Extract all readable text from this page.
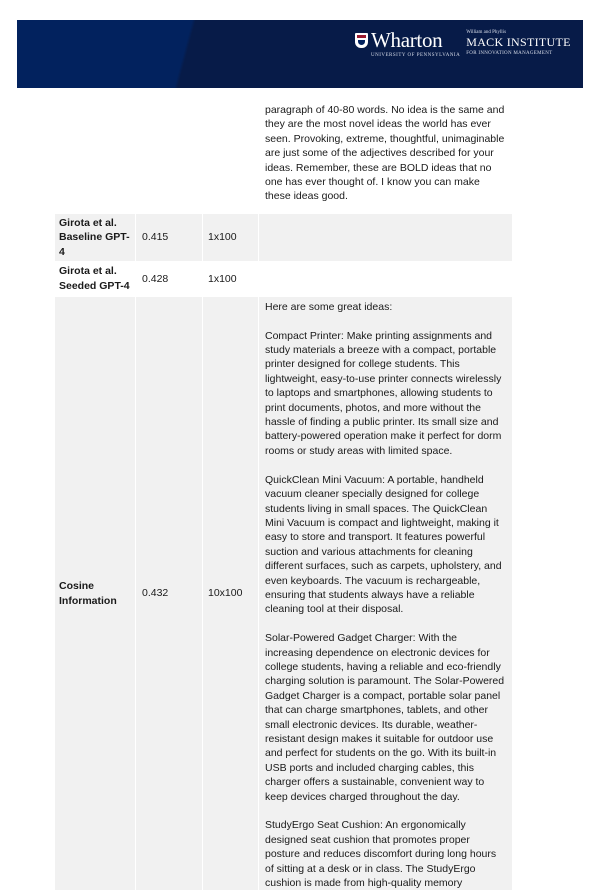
Wharton
UNIVERSITY OF PENNSYLVANIA
William and Phyllis
MACK INSTITUTE
FOR INNOVATION MANAGEMENT

			paragraph of 40-80 words. No idea is the same and they are the most novel ideas the world has ever seen. Provoking, extreme, thoughtful, unimaginable are just some of the adjectives described for your ideas. Remember, these are BOLD ideas that no one has ever thought of. I know you can make these ideas good.

Girota et al. Baseline GPT-4	0.415	1x100	
Girota et al. Seeded GPT-4	0.428	1x100	
Cosine Information	0.432	10x100	Here are some great ideas:

Compact Printer: Make printing assignments and study materials a breeze with a compact, portable printer designed for college students. This lightweight, easy-to-use printer connects wirelessly to laptops and smartphones, allowing students to print documents, photos, and more without the hassle of finding a public printer. Its small size and battery-powered operation make it perfect for dorm rooms or study areas with limited space.

QuickClean Mini Vacuum: A portable, handheld vacuum cleaner specially designed for college students living in small spaces. The QuickClean Mini Vacuum is compact and lightweight, making it easy to store and transport. It features powerful suction and various attachments for cleaning different surfaces, such as carpets, upholstery, and even keyboards. The vacuum is rechargeable, ensuring that students always have a reliable cleaning tool at their disposal.

Solar-Powered Gadget Charger: With the increasing dependence on electronic devices for college students, having a reliable and eco-friendly charging solution is paramount. The Solar-Powered Gadget Charger is a compact, portable solar panel that can charge smartphones, tablets, and other small electronic devices. Its durable, weather-resistant design makes it suitable for outdoor use and perfect for students on the go. With its built-in USB ports and included charging cables, this charger offers a sustainable, convenient way to keep devices charged throughout the day.

StudyErgo Seat Cushion: An ergonomically designed seat cushion that promotes proper posture and reduces discomfort during long hours of sitting at a desk or in class. The StudyErgo cushion is made from high-quality memory
